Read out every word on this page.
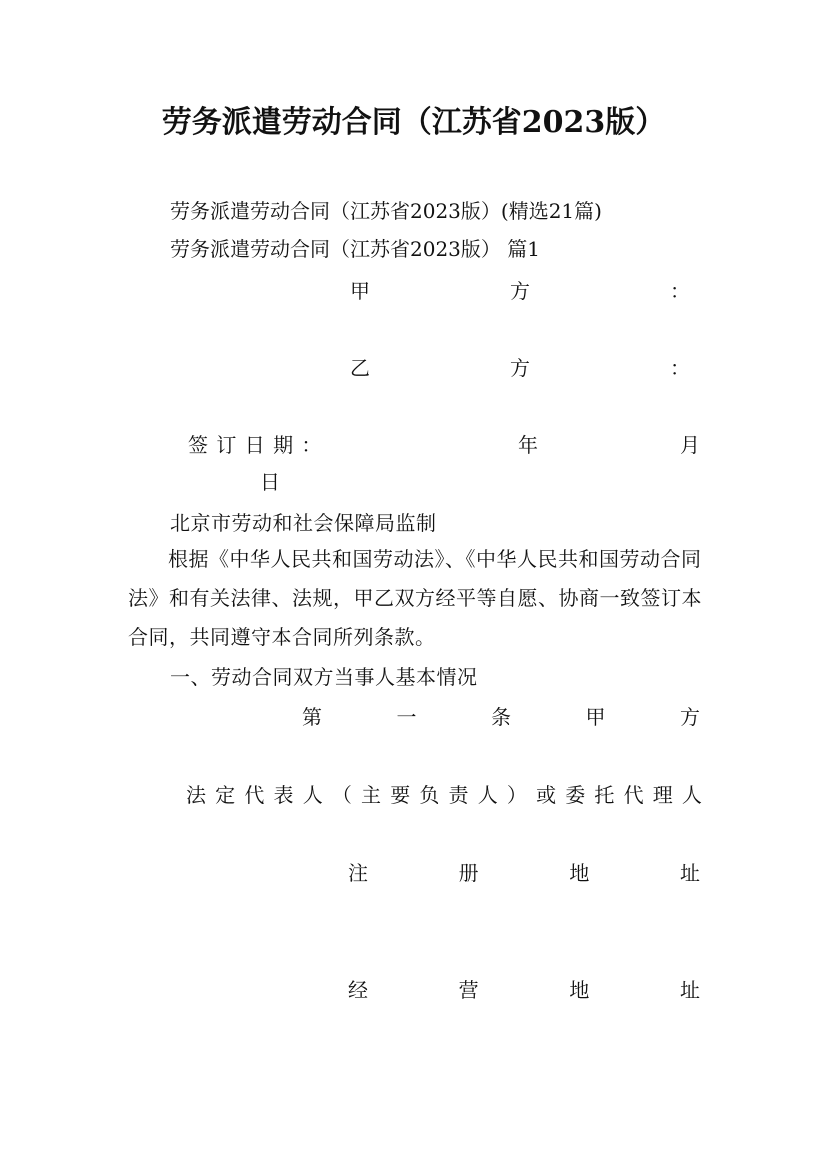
劳务派遣劳动合同（江苏省2023版）
劳务派遣劳动合同（江苏省2023版）(精选21篇)
劳务派遣劳动合同（江苏省2023版） 篇1
甲	方	：
乙	方	：
签 订 日 期 ：	年	月
日
北京市劳动和社会保障局监制
根据《中华人民共和国劳动法》、《中华人民共和国劳动合同法》和有关法律、法规，甲乙双方经平等自愿、协商一致签订本合同，共同遵守本合同所列条款。
一、劳动合同双方当事人基本情况
第	一	条	甲	方
法 定 代 表 人 （ 主 要 负 责 人 ） 或 委 托 代 理 人
注	册	地	址
经	营	地	址
